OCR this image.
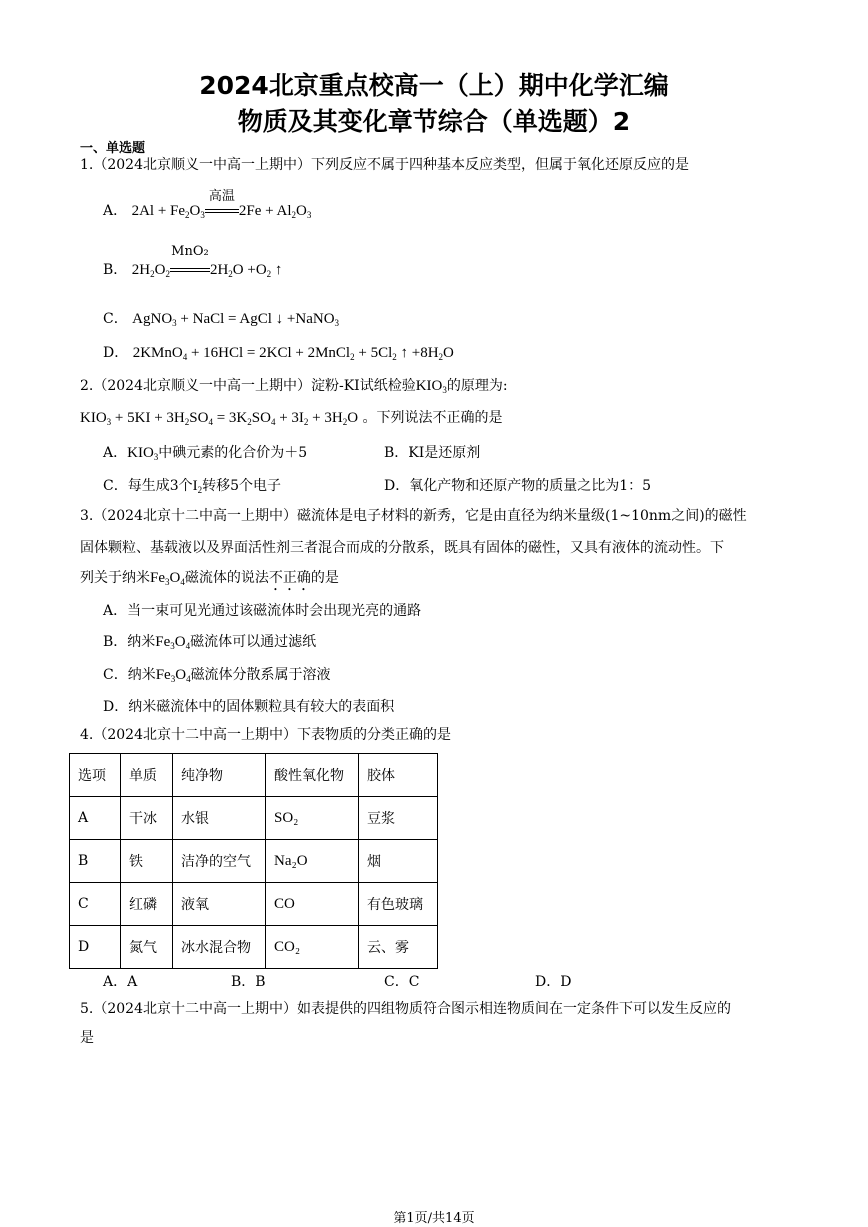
2024北京重点校高一（上）期中化学汇编
物质及其变化章节综合（单选题）2
一、单选题
1.（2024北京顺义一中高一上期中）下列反应不属于四种基本反应类型，但属于氧化还原反应的是
A． $2Al + Fe_2O_3$
高温
$2Fe + Al_2O_3$
B． $2H_2O_2$
MnO₂
$2H_2O +O_2$ ↑
C． AgNO$_3$ + NaCl = AgCl ↓ +NaNO$_3$
D． 2KMnO$_4$ + 16HCl = 2KCl + 2MnCl$_2$ + $5Cl_2$ ↑ $+8H_2O$
2.（2024北京顺义一中高一上期中）淀粉-KI试纸检验$KIO_3$的原理为:
$KIO_3 + 5KI + 3H_2SO_4 = 3K_2SO_4 + 3I_2 + 3H_2O$ 。下列说法不正确的是
A．$KIO_3$中碘元素的化合价为＋5	B．KI是还原剂
C．每生成3个$I_2$转移5个电子	D．氧化产物和还原产物的质量之比为1：5
3.（2024北京十二中高一上期中）磁流体是电子材料的新秀，它是由直径为纳米量级(1~10nm之间)的磁性
固体颗粒、基载液以及界面活性剂三者混合而成的分散系，既具有固体的磁性，又具有液体的流动性。下
列关于纳米$Fe_3O_4$磁流体的说法不正确的是
A．当一束可见光通过该磁流体时会出现光亮的通路
B．纳米$Fe_3O_4$磁流体可以通过滤纸
C．纳米$Fe_3O_4$磁流体分散系属于溶液
D．纳米磁流体中的固体颗粒具有较大的表面积
4.（2024北京十二中高一上期中）下表物质的分类正确的是
选项	单质	纯净物	酸性氧化物	胶体
A	干冰	水银	SO₂	豆浆
B	铁	洁净的空气	Na₂O	烟
C	红磷	液氧	CO	有色玻璃
D	氮气	冰水混合物	CO₂	云、雾
A．A	B．B	C．C	D．D
5.（2024北京十二中高一上期中）如表提供的四组物质符合图示相连物质间在一定条件下可以发生反应的
是
第1页/共14页
